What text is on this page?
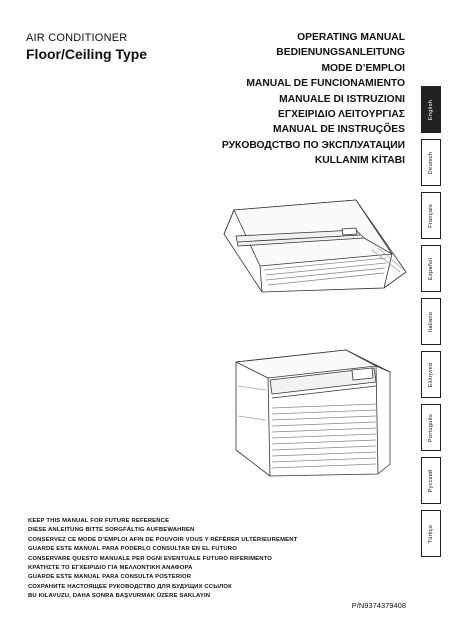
AIR CONDITIONER
Floor/Ceiling Type
OPERATING MANUAL
BEDIENUNGSANLEITUNG
MODE D’EMPLOI
MANUAL DE FUNCIONAMIENTO
MANUALE DI ISTRUZIONI
ΕΓΧΕΙΡΙΔΙΟ ΛΕΙΤΟΥΡΓΙΑΣ
MANUAL DE INSTRUÇÕES
РУКОВОДСТВО ПО ЭКСПЛУАТАЦИИ
KULLANIM KİTABI
English
Deutsch
Français
Español
Italiano
Ελληνικά
Português
Русский
Türkçe
KEEP THIS MANUAL FOR FUTURE REFERENCE
DIESE ANLEITUNG BITTE SORGFÄLTIG AUFBEWAHREN
CONSERVEZ CE MODE D’EMPLOI AFIN DE POUVOIR VOUS Y RÉFÉRER ULTÉRIEUREMENT
GUARDE ESTE MANUAL PARA PODERLO CONSULTAR EN EL FUTURO
CONSERVARE QUESTO MANUALE PER OGNI EVENTUALE FUTURO RIFERIMENTO
ΚΡΑΤΗΣΤΕ ΤΟ ΕΓΧΕΙΡΙΔΙΟ ΓΙΑ ΜΕΛΛΟΝΤΙΚΗ ΑΝΑΦΟΡΑ
GUARDE ESTE MANUAL PARA CONSULTA POSTERIOR
СОХРАНИТЕ НАСТОЯЩЕЕ РУКОВОДСТВО ДЛЯ БУДУЩИХ ССЫЛОК
BU KILAVUZU, DAHA SONRA BAŞVURMAK ÜZERE SAKLAYIN
P/N9374379408
